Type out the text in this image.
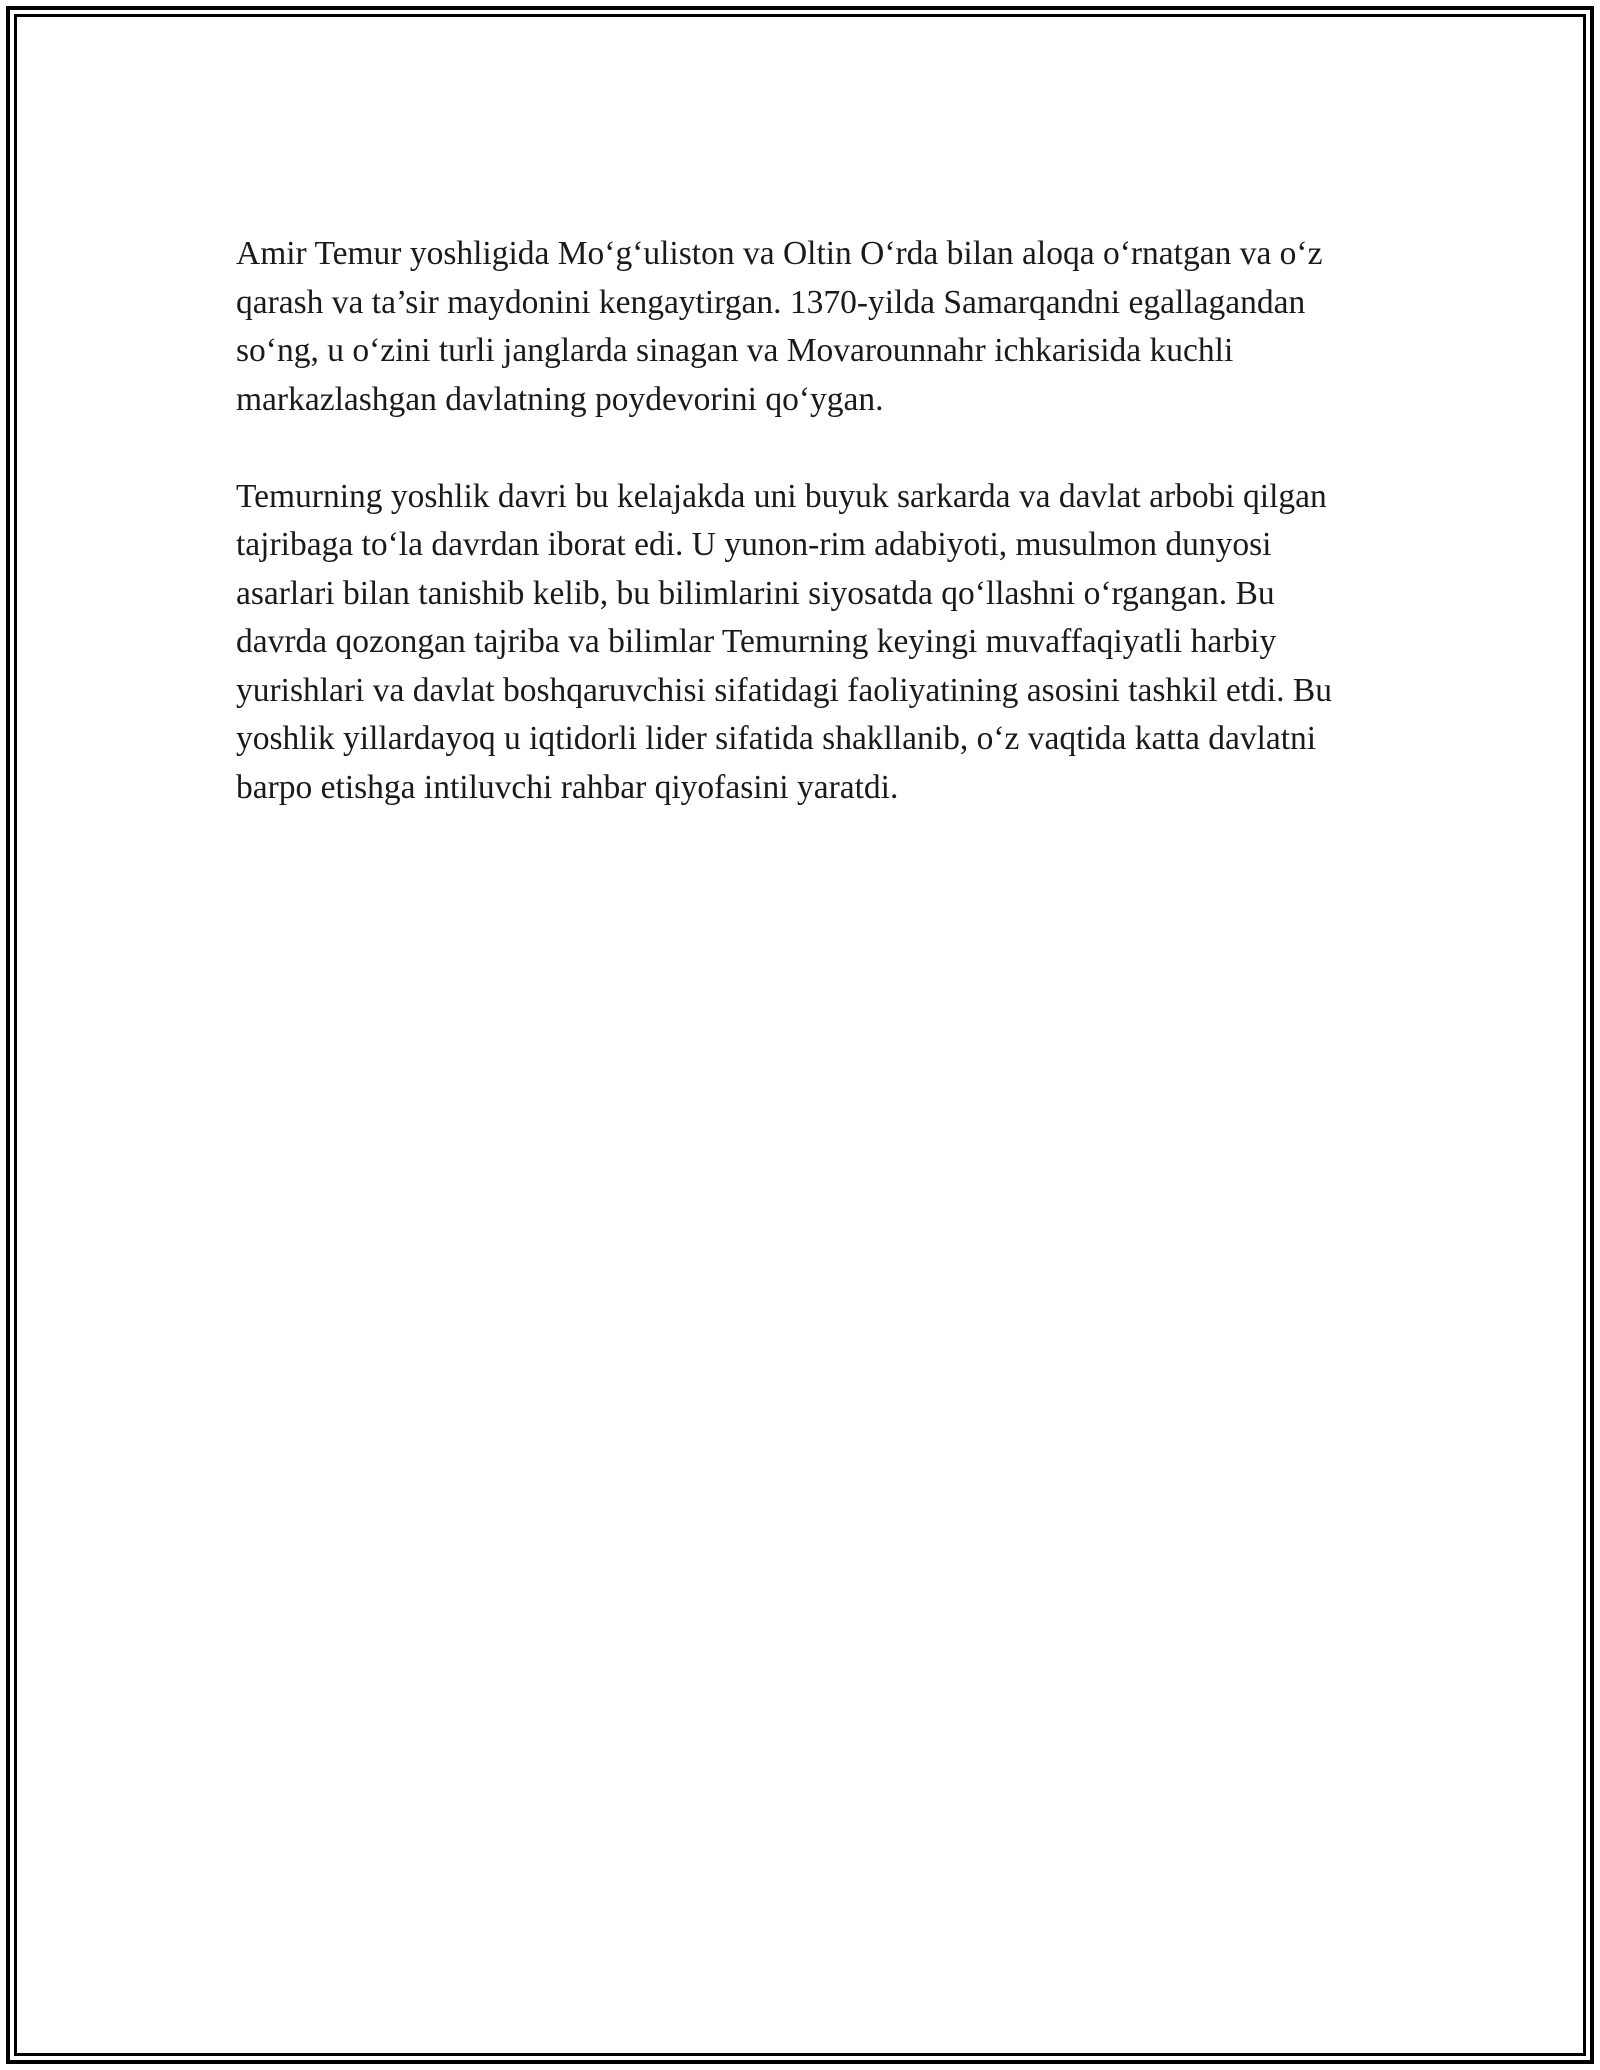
Amir Temur yoshligida Mo‘g‘uliston va Oltin O‘rda bilan aloqa o‘rnatgan va o‘z qarash va ta’sir maydonini kengaytirgan. 1370-yilda Samarqandni egallagandan so‘ng, u o‘zini turli janglarda sinagan va Movarounnahr ichkarisida kuchli markazlashgan davlatning poydevorini qo‘ygan.

Temurning yoshlik davri bu kelajakda uni buyuk sarkarda va davlat arbobi qilgan tajribaga to‘la davrdan iborat edi. U yunon-rim adabiyoti, musulmon dunyosi asarlari bilan tanishib kelib, bu bilimlarini siyosatda qo‘llashni o‘rgangan. Bu davrda qozongan tajriba va bilimlar Temurning keyingi muvaffaqiyatli harbiy yurishlari va davlat boshqaruvchisi sifatidagi faoliyatining asosini tashkil etdi. Bu yoshlik yillardayoq u iqtidorli lider sifatida shakllanib, o‘z vaqtida katta davlatni barpo etishga intiluvchi rahbar qiyofasini yaratdi.
